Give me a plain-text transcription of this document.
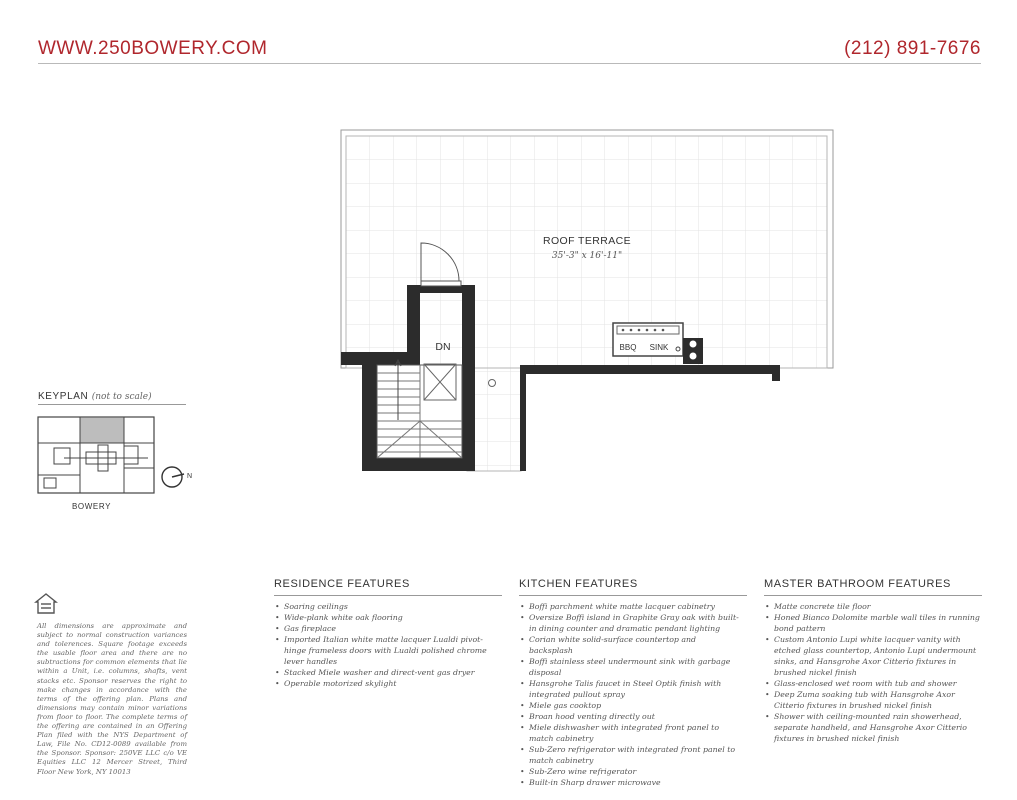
WWW.250BOWERY.COM	(212) 891-7676
ROOF TERRACE
35'-3" x 16'-11"
DN	BBQ SINK
N
KEYPLAN (not to scale)
BOWERY
RESIDENCE FEATURES
• Soaring ceilings
• Wide-plank white oak flooring
• Gas fireplace
• Imported Italian white matte lacquer Lualdi pivot-hinge frameless doors with Lualdi polished chrome lever handles
• Stacked Miele washer and direct-vent gas dryer
• Operable motorized skylight
KITCHEN FEATURES
• Boffi parchment white matte lacquer cabinetry
• Oversize Boffi island in Graphite Gray oak with built-in dining counter and dramatic pendant lighting
• Corian white solid-surface countertop and backsplash
• Boffi stainless steel undermount sink with garbage disposal
• Hansgrohe Talis faucet in Steel Optik finish with integrated pullout spray
• Miele gas cooktop
• Broan hood venting directly out
• Miele dishwasher with integrated front panel to match cabinetry
• Sub-Zero refrigerator with integrated front panel to match cabinetry
• Sub-Zero wine refrigerator
• Built-in Sharp drawer microwave
MASTER BATHROOM FEATURES
• Matte concrete tile floor
• Honed Bianco Dolomite marble wall tiles in running bond pattern
• Custom Antonio Lupi white lacquer vanity with etched glass countertop, Antonio Lupi undermount sinks, and Hansgrohe Axor Citterio fixtures in brushed nickel finish
• Glass-enclosed wet room with tub and shower
• Deep Zuma soaking tub with Hansgrohe Axor Citterio fixtures in brushed nickel finish
• Shower with ceiling-mounted rain showerhead, separate handheld, and Hansgrohe Axor Citterio fixtures in brushed nickel finish

All dimensions are approximate and subject to normal construction variances and tolerences. Square footage exceeds the usable floor area and there are no subtractions for common elements that lie within a Unit, i.e. columns, shafts, vent stacks etc. Sponsor reserves the right to make changes in accordance with the terms of the offering plan. Plans and dimensions may contain minor variations from floor to floor. The complete terms of the offering are contained in an Offering Plan filed with the NYS Department of Law, File No. CD12-0089 available from the Sponsor. Sponsor: 250VE LLC c/o VE Equities LLC 12 Mercer Street, Third Floor New York, NY 10013
